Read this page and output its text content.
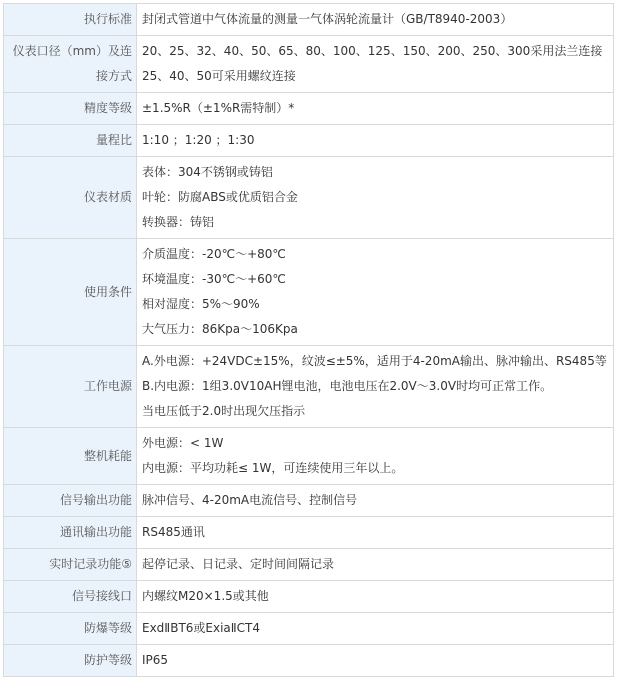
执行标准	封闭式管道中气体流量的测量一气体涡轮流量计（GB/T8940-2003）

仪表口径（mm）及连接方式	20、25、32、40、50、65、80、100、125、150、200、250、300采用法兰连接
25、40、50可采用螺纹连接

精度等级	±1.5%R（±1%R需特制）*

量程比	1:10 ；1:20 ；1:30

仪表材质	表体：304不锈钢或铸铝
叶轮：防腐ABS或优质铝合金
转换器：铸铝

使用条件	介质温度：-20℃～+80℃
环境温度：-30℃～+60℃
相对湿度：5%～90%
大气压力：86Kpa～106Kpa

工作电源	A.外电源：+24VDC±15%，纹波≤±5%，适用于4-20mA输出、脉冲输出、RS485等
B.内电源：1组3.0V10AH锂电池，电池电压在2.0V～3.0V时均可正常工作。
当电压低于2.0时出现欠压指示

整机耗能	外电源：< 1W
内电源：平均功耗≤ 1W，可连续使用三年以上。

信号输出功能	脉冲信号、4-20mA电流信号、控制信号

通讯输出功能	RS485通讯

实时记录功能⑤	起停记录、日记录、定时间间隔记录

信号接线口	内螺纹M20×1.5或其他

防爆等级	ExdⅡBT6或ExiaⅡCT4

防护等级	IP65
